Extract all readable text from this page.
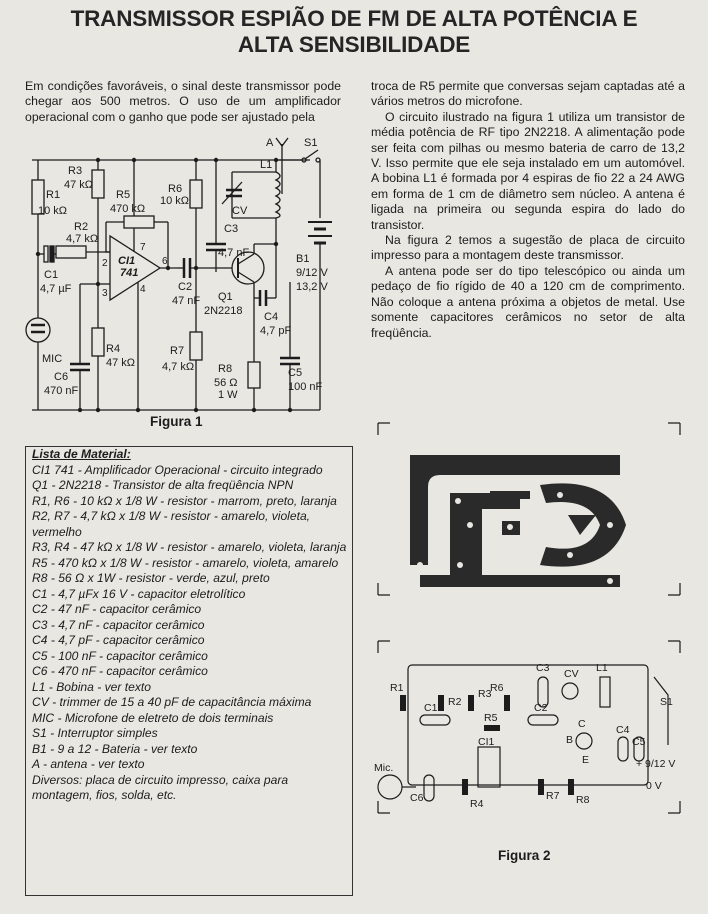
TRANSMISSOR ESPIÃO DE FM DE ALTA POTÊNCIA E
ALTA SENSIBILIDADE

Em condições favoráveis, o sinal deste transmissor pode chegar aos 500 metros. O uso de um amplificador operacional com o ganho que pode ser ajustado pela

troca de R5 permite que conversas sejam captadas até a vários metros do microfone.

O circuito ilustrado na figura 1 utiliza um transistor de média potência de RF tipo 2N2218. A alimentação pode ser feita com pilhas ou mesmo bateria de carro de 13,2 V. Isso permite que ele seja instalado em um automóvel. A bobina L1 é formada por 4 espiras de fio 22 a 24 AWG em forma de 1 cm de diâmetro sem núcleo. A antena é ligada na primeira ou segunda espira do lado do transistor.

Na figura 2 temos a sugestão de placa de circuito impresso para a montagem deste transmissor.

A antena pode ser do tipo telescópico ou ainda um pedaço de fio rígido de 40 a 120 cm de comprimento. Não coloque a antena próxima a objetos de metal. Use somente capacitores cerâmicos no setor de alta freqüência.

R1
10 kΩ
R3
47 kΩ
R2
4,7 kΩ
R5
470 kΩ
R6
10 kΩ
C1
4,7 µF
CI1
741
2
3	4
6
7
C2
47 nF
R4
47 kΩ
MIC
C6
470 nF
R7
4,7 kΩ
Q1
2N2218
R8
56 Ω
1 W
C4
4,7 pF
C5
100 nF
C3
4,7 nF
CV
L1
A	S1
B1
9/12 V
13,2 V
Figura 1
Lista de Material:
CI1 741 - Amplificador Operacional - circuito integrado
Q1 - 2N2218 - Transistor de alta freqüência NPN
R1, R6 - 10 kΩ x 1/8 W - resistor - marrom, preto, laranja
R2, R7 - 4,7 kΩ x 1/8 W - resistor - amarelo, violeta, vermelho
R3, R4 - 47 kΩ x 1/8 W - resistor - amarelo, violeta, laranja
R5 - 470 kΩ x 1/8 W - resistor - amarelo, violeta, amarelo
R8 - 56 Ω x 1W - resistor - verde, azul, preto
C1 - 4,7 µFx 16 V - capacitor eletrolítico
C2 - 47 nF - capacitor cerâmico
C3 - 4,7 nF - capacitor cerâmico
C4 - 4,7 pF - capacitor cerâmico
C5 - 100 nF - capacitor cerâmico
C6 - 470 nF - capacitor cerâmico
L1 - Bobina - ver texto
CV - trimmer de 15 a 40 pF de capacitância máxima
MIC - Microfone de eletreto de dois terminais
S1 - Interruptor simples
B1 - 9 a 12 - Bateria - ver texto
A - antena - ver texto
Diversos: placa de circuito impresso, caixa para montagem, fios, solda, etc.
R1
R2
R3
R6
R5
CI1
C1	C2
C3 CV L1
B
C
E
C4
C5
C6	R4
R7 R8
S1
+ 9/12 V
0 V
Mic.
Figura 2
